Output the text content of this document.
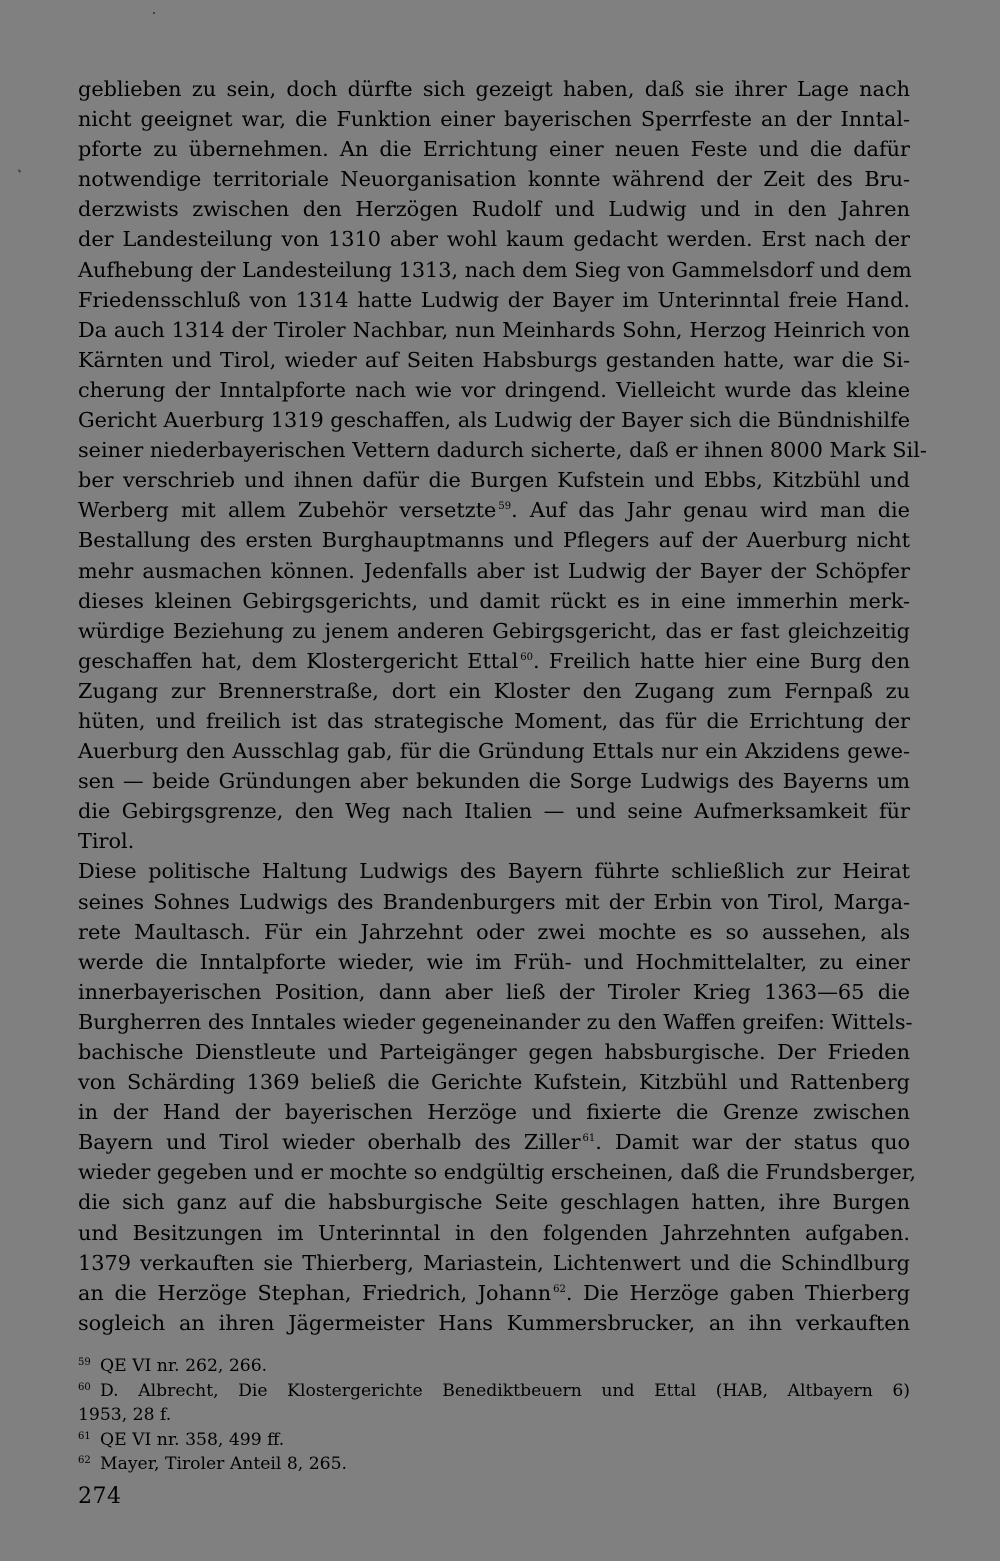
geblieben zu sein, doch dürfte sich gezeigt haben, daß sie ihrer Lage nach
nicht geeignet war, die Funktion einer bayerischen Sperrfeste an der Inntal-
pforte zu übernehmen. An die Errichtung einer neuen Feste und die dafür
notwendige territoriale Neuorganisation konnte während der Zeit des Bru-
derzwists zwischen den Herzögen Rudolf und Ludwig und in den Jahren
der Landesteilung von 1310 aber wohl kaum gedacht werden. Erst nach der
Aufhebung der Landesteilung 1313, nach dem Sieg von Gammelsdorf und dem
Friedensschluß von 1314 hatte Ludwig der Bayer im Unterinntal freie Hand.
Da auch 1314 der Tiroler Nachbar, nun Meinhards Sohn, Herzog Heinrich von
Kärnten und Tirol, wieder auf Seiten Habsburgs gestanden hatte, war die Si-
cherung der Inntalpforte nach wie vor dringend. Vielleicht wurde das kleine
Gericht Auerburg 1319 geschaffen, als Ludwig der Bayer sich die Bündnishilfe
seiner niederbayerischen Vettern dadurch sicherte, daß er ihnen 8000 Mark Sil-
ber verschrieb und ihnen dafür die Burgen Kufstein und Ebbs, Kitzbühl und
Werberg mit allem Zubehör versetzte $^{59}$. Auf das Jahr genau wird man die
Bestallung des ersten Burghauptmanns und Pflegers auf der Auerburg nicht
mehr ausmachen können. Jedenfalls aber ist Ludwig der Bayer der Schöpfer
dieses kleinen Gebirgsgerichts, und damit rückt es in eine immerhin merk-
würdige Beziehung zu jenem anderen Gebirgsgericht, das er fast gleichzeitig
geschaffen hat, dem Klostergericht Ettal $^{60}$. Freilich hatte hier eine Burg den
Zugang zur Brennerstraße, dort ein Kloster den Zugang zum Fernpaß zu
hüten, und freilich ist das strategische Moment, das für die Errichtung der
Auerburg den Ausschlag gab, für die Gründung Ettals nur ein Akzidens gewe-
sen — beide Gründungen aber bekunden die Sorge Ludwigs des Bayerns um
die Gebirgsgrenze, den Weg nach Italien — und seine Aufmerksamkeit für
Tirol.
Diese politische Haltung Ludwigs des Bayern führte schließlich zur Heirat
seines Sohnes Ludwigs des Brandenburgers mit der Erbin von Tirol, Marga-
rete Maultasch. Für ein Jahrzehnt oder zwei mochte es so aussehen, als
werde die Inntalpforte wieder, wie im Früh- und Hochmittelalter, zu einer
innerbayerischen Position, dann aber ließ der Tiroler Krieg 1363—65 die
Burgherren des Inntales wieder gegeneinander zu den Waffen greifen: Wittels-
bachische Dienstleute und Parteigänger gegen habsburgische. Der Frieden
von Schärding 1369 beließ die Gerichte Kufstein, Kitzbühl und Rattenberg
in der Hand der bayerischen Herzöge und fixierte die Grenze zwischen
Bayern und Tirol wieder oberhalb des Ziller $^{61}$. Damit war der status quo
wieder gegeben und er mochte so endgültig erscheinen, daß die Frundsberger,
die sich ganz auf die habsburgische Seite geschlagen hatten, ihre Burgen
und Besitzungen im Unterinntal in den folgenden Jahrzehnten aufgaben.
1379 verkauften sie Thierberg, Mariastein, Lichtenwert und die Schindlburg
an die Herzöge Stephan, Friedrich, Johann $^{62}$. Die Herzöge gaben Thierberg
sogleich an ihren Jägermeister Hans Kummersbrucker, an ihn verkauften
59 QE VI nr. 262, 266.
60 D. Albrecht, Die Klostergerichte Benediktbeuern und Ettal (HAB, Altbayern 6)
1953, 28 f.
61 QE VI nr. 358, 499 ff.
62 Mayer, Tiroler Anteil 8, 265.
274
